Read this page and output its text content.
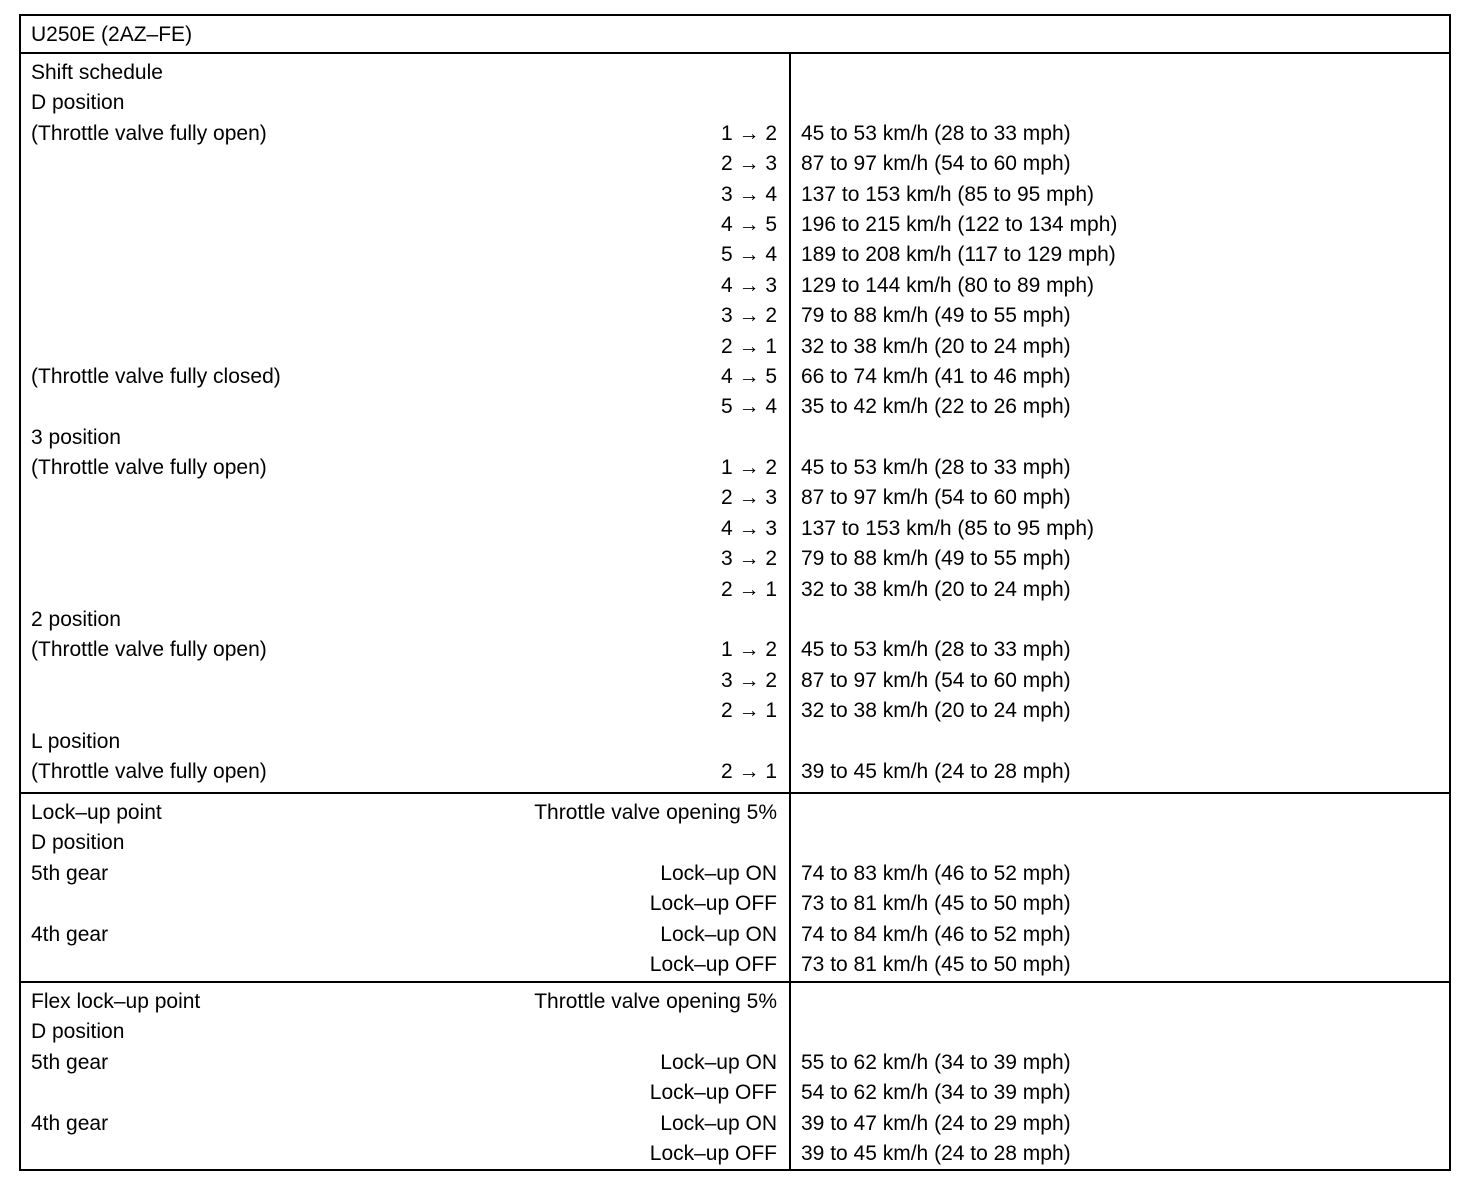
U250E (2AZ–FE)
Shift schedule
D position
(Throttle valve fully open)	1 → 2	45 to 53 km/h (28 to 33 mph)
2 → 3	87 to 97 km/h (54 to 60 mph)
3 → 4	137 to 153 km/h (85 to 95 mph)
4 → 5	196 to 215 km/h (122 to 134 mph)
5 → 4	189 to 208 km/h (117 to 129 mph)
4 → 3	129 to 144 km/h (80 to 89 mph)
3 → 2	79 to 88 km/h (49 to 55 mph)
2 → 1	32 to 38 km/h (20 to 24 mph)
(Throttle valve fully closed)	4 → 5	66 to 74 km/h (41 to 46 mph)
5 → 4	35 to 42 km/h (22 to 26 mph)
3 position
(Throttle valve fully open)	1 → 2	45 to 53 km/h (28 to 33 mph)
2 → 3	87 to 97 km/h (54 to 60 mph)
4 → 3	137 to 153 km/h (85 to 95 mph)
3 → 2	79 to 88 km/h (49 to 55 mph)
2 → 1	32 to 38 km/h (20 to 24 mph)
2 position
(Throttle valve fully open)	1 → 2	45 to 53 km/h (28 to 33 mph)
3 → 2	87 to 97 km/h (54 to 60 mph)
2 → 1	32 to 38 km/h (20 to 24 mph)
L position
(Throttle valve fully open)	2 → 1	39 to 45 km/h (24 to 28 mph)
Lock–up point	Throttle valve opening 5%
D position
5th gear	Lock–up ON	74 to 83 km/h (46 to 52 mph)
Lock–up OFF	73 to 81 km/h (45 to 50 mph)
4th gear	Lock–up ON	74 to 84 km/h (46 to 52 mph)
Lock–up OFF	73 to 81 km/h (45 to 50 mph)
Flex lock–up point	Throttle valve opening 5%
D position
5th gear	Lock–up ON	55 to 62 km/h (34 to 39 mph)
Lock–up OFF	54 to 62 km/h (34 to 39 mph)
4th gear	Lock–up ON	39 to 47 km/h (24 to 29 mph)
Lock–up OFF	39 to 45 km/h (24 to 28 mph)
